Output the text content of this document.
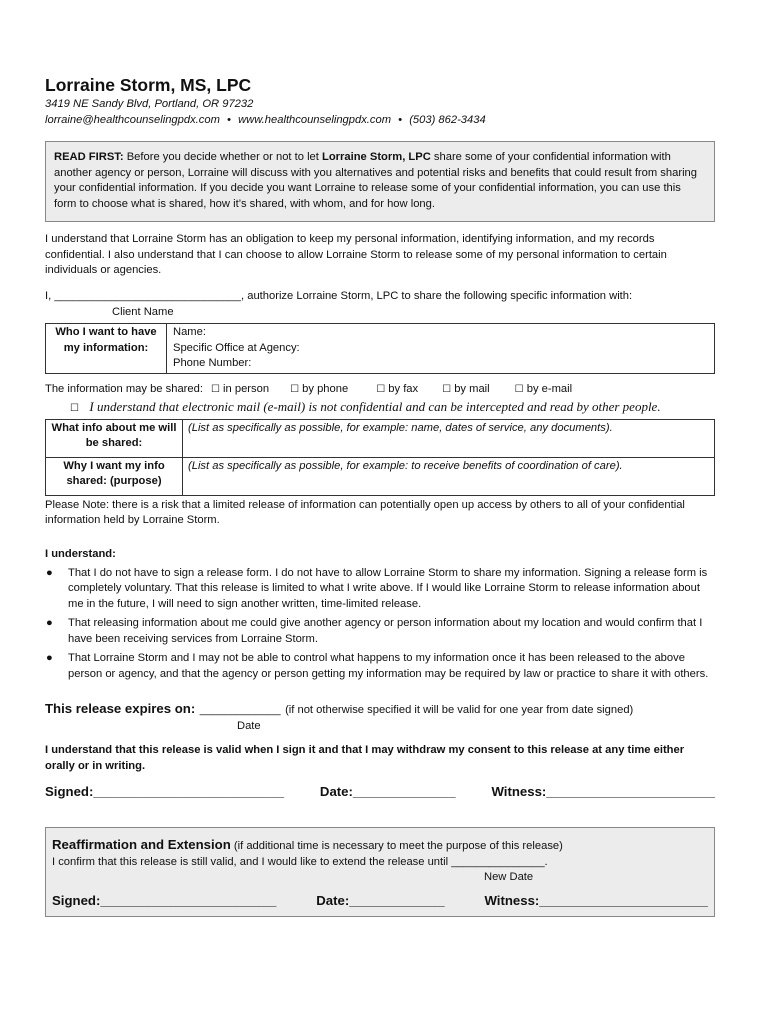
Lorraine Storm, MS, LPC
3419 NE Sandy Blvd, Portland, OR 97232
lorraine@healthcounselingpdx.com • www.healthcounselingpdx.com • (503) 862-3434
READ FIRST: Before you decide whether or not to let Lorraine Storm, LPC share some of your confidential information with another agency or person, Lorraine will discuss with you alternatives and potential risks and benefits that could result from sharing your confidential information. If you decide you want Lorraine to release some of your confidential information, you can use this form to choose what is shared, how it’s shared, with whom, and for how long.
I understand that Lorraine Storm has an obligation to keep my personal information, identifying information, and my records confidential. I also understand that I can choose to allow Lorraine Storm to release some of my personal information to certain individuals or agencies.
I, ______________________________, authorize Lorraine Storm, LPC to share the following specific information with:
Client Name
Who I want to have my information:	
Name:
Specific Office at Agency:
Phone Number:
The information may be shared: ☐ in person ☐ by phone	☐ by fax ☐ by mail	☐ by e-mail
☐ I understand that electronic mail (e-mail) is not confidential and can be intercepted and read by other people.
What info about me will be shared:	(List as specifically as possible, for example: name, dates of service, any documents).
Why I want my info shared: (purpose)	(List as specifically as possible, for example: to receive benefits of coordination of care).
Please Note: there is a risk that a limited release of information can potentially open up access by others to all of your confidential information held by Lorraine Storm.
I understand:
● That I do not have to sign a release form. I do not have to allow Lorraine Storm to share my information. Signing a release form is completely voluntary. That this release is limited to what I write above. If I would like Lorraine Storm to release information about me in the future, I will need to sign another written, time-limited release.
● That releasing information about me could give another agency or person information about my location and would confirm that I have been receiving services from Lorraine Storm.
● That Lorraine Storm and I may not be able to control what happens to my information once it has been released to the above person or agency, and that the agency or person getting my information may be required by law or practice to share it with others.
This release expires on: _____________ (if not otherwise specified it will be valid for one year from date signed)
Date
I understand that this release is valid when I sign it and that I may withdraw my consent to this release at any time either orally or in writing.
Signed:__________________________	Date:______________	Witness:_______________________
Reaffirmation and Extension (if additional time is necessary to meet the purpose of this release)
I confirm that this release is still valid, and I would like to extend the release until _______________.
New Date
Signed:________________________	Date:_____________	Witness:_______________________
